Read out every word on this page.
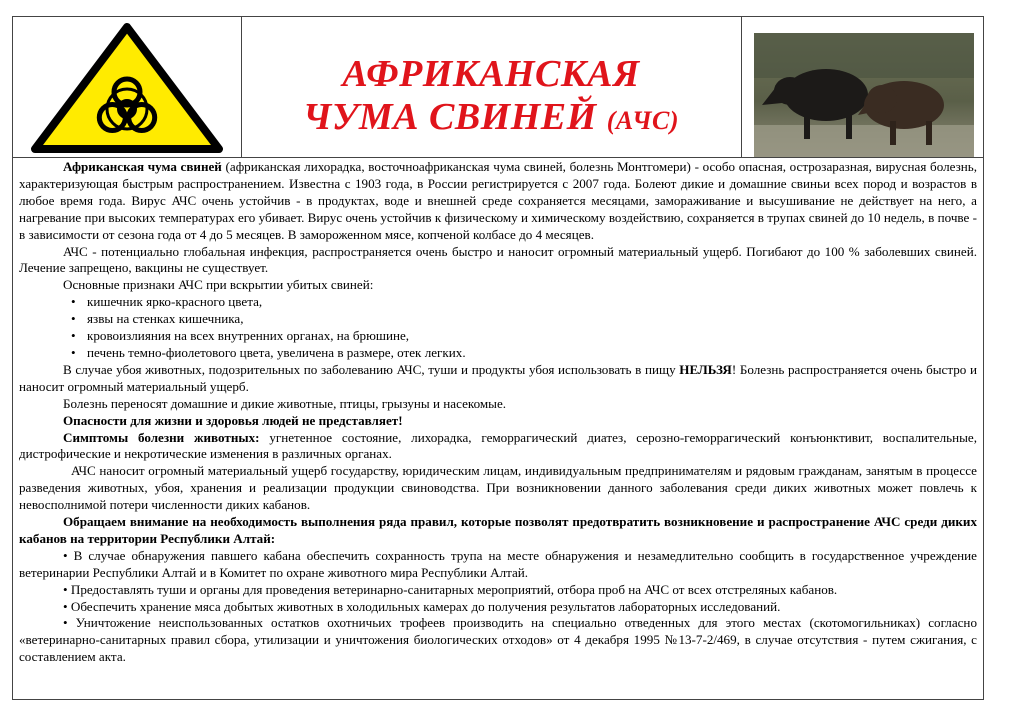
АФРИКАНСКАЯ
ЧУМА СВИНЕЙ (АЧС)

Африканская чума свиней (африканская лихорадка, восточноафриканская чума свиней, болезнь Монтгомери) - особо опасная, острозаразная, вирусная болезнь, характеризующая быстрым распространением. Известна с 1903 года, в России регистрируется с 2007 года. Болеют дикие и домашние свиньи всех пород и возрастов в любое время года. Вирус АЧС очень устойчив - в продуктах, воде и внешней среде сохраняется месяцами, замораживание и высушивание не действует на него, а нагревание при высоких температурах его убивает. Вирус очень устойчив к физическому и химическому воздействию, сохраняется в трупах свиней до 10 недель, в почве - в зависимости от сезона года от 4 до 5 месяцев. В замороженном мясе, копченой колбасе до 4 месяцев.

АЧС - потенциально глобальная инфекция, распространяется очень быстро и наносит огромный материальный ущерб. Погибают до 100 % заболевших свиней. Лечение запрещено, вакцины не существует.

Основные признаки АЧС при вскрытии убитых свиней:

• кишечник ярко-красного цвета,
• язвы на стенках кишечника,
• кровоизлияния на всех внутренних органах, на брюшине,
• печень темно-фиолетового цвета, увеличена в размере, отек легких.

В случае убоя животных, подозрительных по заболеванию АЧС, туши и продукты убоя использовать в пищу НЕЛЬЗЯ! Болезнь распространяется очень быстро и наносит огромный материальный ущерб.

Болезнь переносят домашние и дикие животные, птицы, грызуны и насекомые.

Опасности для жизни и здоровья людей не представляет!

Симптомы болезни животных: угнетенное состояние, лихорадка, геморрагический диатез, серозно-геморрагический конъюнктивит, воспалительные, дистрофические и некротические изменения в различных органах.

АЧС наносит огромный материальный ущерб государству, юридическим лицам, индивидуальным предпринимателям и рядовым гражданам, занятым в процессе разведения животных, убоя, хранения и реализации продукции свиноводства. При возникновении данного заболевания среди диких животных может повлечь к невосполнимой потери численности диких кабанов.

Обращаем внимание на необходимость выполнения ряда правил, которые позволят предотвратить возникновение и распространение АЧС среди диких кабанов на территории Республики Алтай:

• В случае обнаружения павшего кабана обеспечить сохранность трупа на месте обнаружения и незамедлительно сообщить в государственное учреждение ветеринарии Республики Алтай и в Комитет по охране животного мира Республики Алтай.

• Предоставлять туши и органы для проведения ветеринарно-санитарных мероприятий, отбора проб на АЧС от всех отстреляных кабанов.

• Обеспечить хранение мяса добытых животных в холодильных камерах до получения результатов лабораторных исследований.

• Уничтожение неиспользованных остатков охотничьих трофеев производить на специально отведенных для этого местах (скотомогильниках) согласно «ветеринарно-санитарных правил сбора, утилизации и уничтожения биологических отходов» от 4 декабря 1995 №13-7-2/469, в случае отсутствия - путем сжигания, с составлением акта.
